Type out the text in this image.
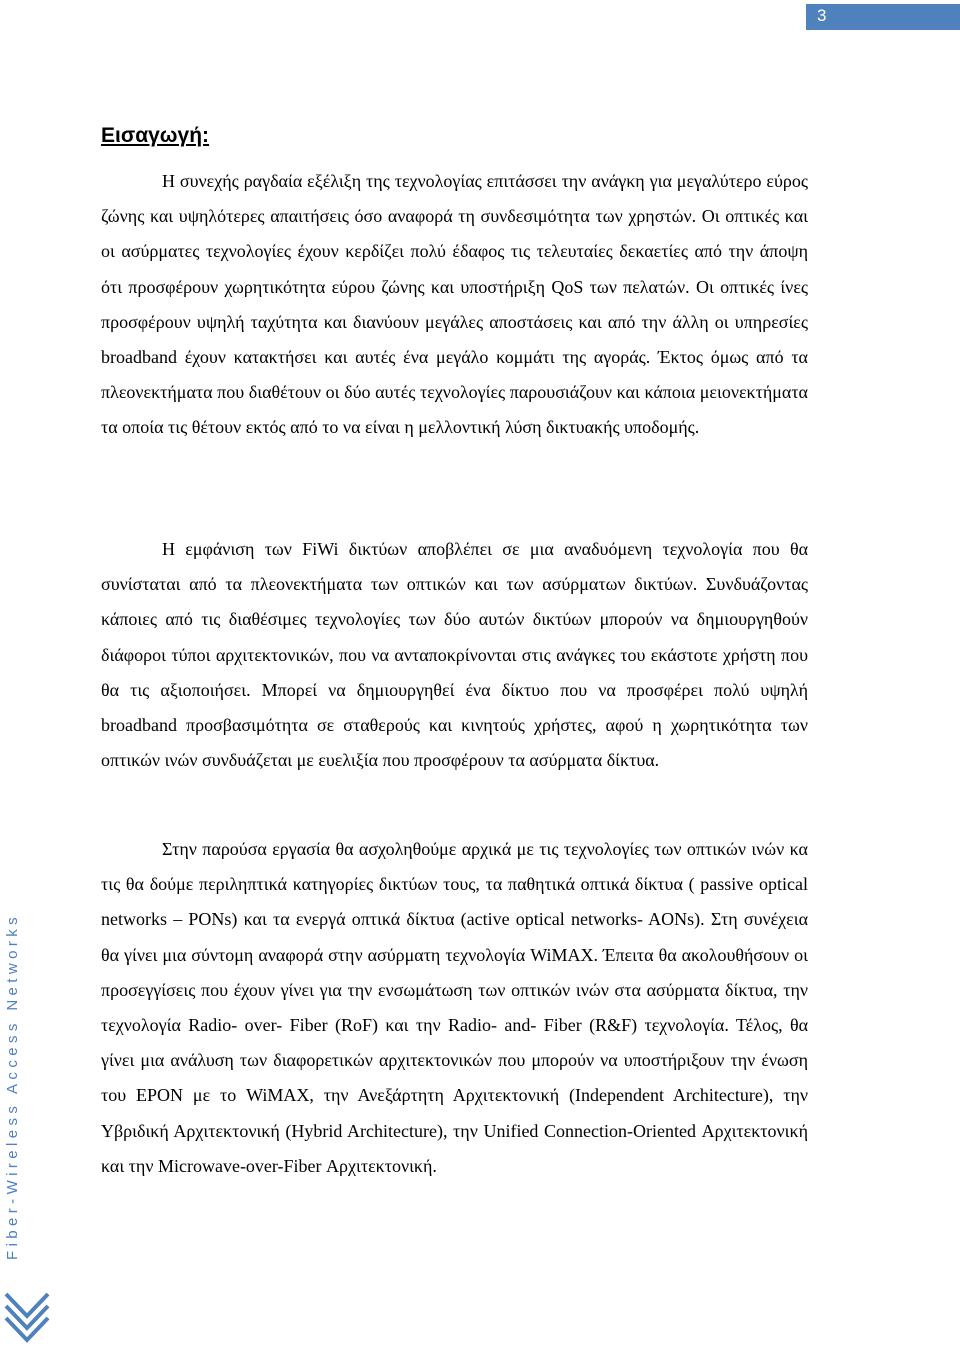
3
Εισαγωγή:

Η συνεχής ραγδαία εξέλιξη της τεχνολογίας επιτάσσει την ανάγκη για μεγαλύτερο εύρος ζώνης και υψηλότερες απαιτήσεις όσο αναφορά τη συνδεσιμότητα των χρηστών. Οι οπτικές και οι ασύρματες τεχνολογίες έχουν κερδίζει πολύ έδαφος τις τελευταίες δεκαετίες από την άποψη ότι προσφέρουν χωρητικότητα εύρου ζώνης και υποστήριξη QoS των πελατών. Οι οπτικές ίνες προσφέρουν υψηλή ταχύτητα και διανύουν μεγάλες αποστάσεις και από την άλλη οι υπηρεσίες broadband έχουν κατακτήσει και αυτές ένα μεγάλο κομμάτι της αγοράς. Έκτος όμως από τα πλεονεκτήματα που διαθέτουν οι δύο αυτές τεχνολογίες παρουσιάζουν και κάποια μειονεκτήματα τα οποία τις θέτουν εκτός από το να είναι η μελλοντική λύση δικτυακής υποδομής.

Η εμφάνιση των FiWi δικτύων αποβλέπει σε μια αναδυόμενη τεχνολογία που θα συνίσταται από τα πλεονεκτήματα των οπτικών και των ασύρματων δικτύων. Συνδυάζοντας κάποιες από τις διαθέσιμες τεχνολογίες των δύο αυτών δικτύων μπορούν να δημιουργηθούν διάφοροι τύποι αρχιτεκτονικών, που να ανταποκρίνονται στις ανάγκες του εκάστοτε χρήστη που θα τις αξιοποιήσει. Μπορεί να δημιουργηθεί ένα δίκτυο που να προσφέρει πολύ υψηλή broadband προσβασιμότητα σε σταθερούς και κινητούς χρήστες, αφού η χωρητικότητα των οπτικών ινών συνδυάζεται με ευελιξία που προσφέρουν τα ασύρματα δίκτυα.

Στην παρούσα εργασία θα ασχοληθούμε αρχικά με τις τεχνολογίες των οπτικών ινών κα τις θα δούμε περιληπτικά κατηγορίες δικτύων τους, τα παθητικά οπτικά δίκτυα ( passive optical networks – PONs) και τα ενεργά οπτικά δίκτυα (active optical networks- AONs). Στη συνέχεια θα γίνει μια σύντομη αναφορά στην ασύρματη τεχνολογία WiMAX. Έπειτα θα ακολουθήσουν οι προσεγγίσεις που έχουν γίνει για την ενσωμάτωση των οπτικών ινών στα ασύρματα δίκτυα, την τεχνολογία Radio- over- Fiber (RoF) και την Radio- and- Fiber (R&F) τεχνολογία. Τέλος, θα γίνει μια ανάλυση των διαφορετικών αρχιτεκτονικών που μπορούν να υποστήριξουν την ένωση του EPON με το WiMAX, την Ανεξάρτητη Αρχιτεκτονική (Independent Architecture), την Υβριδική Αρχιτεκτονική (Hybrid Architecture), την Unified Connection-Oriented Αρχιτεκτονική και την Microwave-over-Fiber Αρχιτεκτονική.

Fiber-Wireless Access Networks
